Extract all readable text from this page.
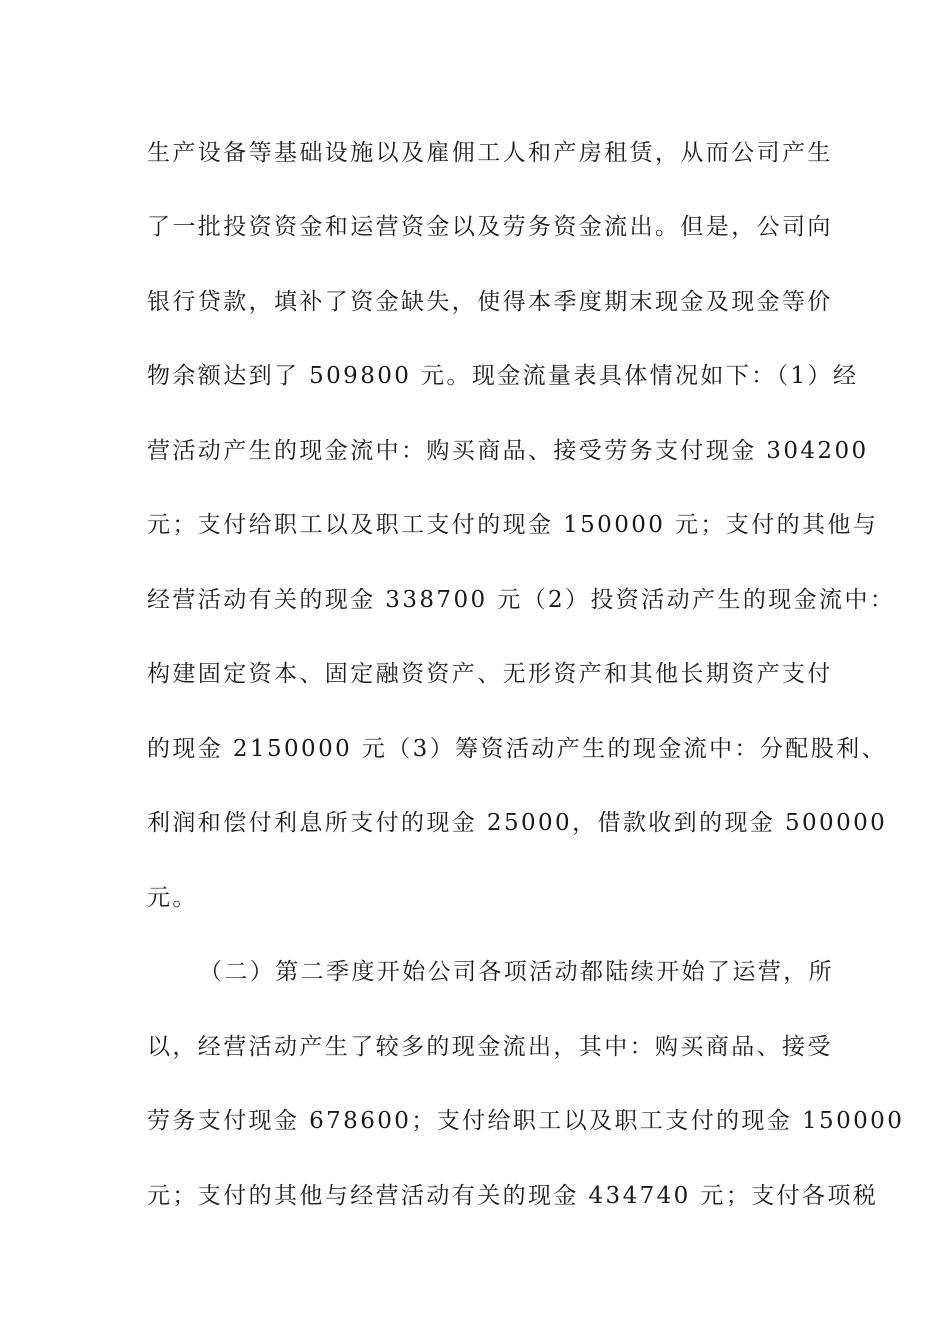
生产设备等基础设施以及雇佣工人和产房租赁，从而公司产生
了一批投资资金和运营资金以及劳务资金流出。但是，公司向
银行贷款，填补了资金缺失，使得本季度期末现金及现金等价
物余额达到了 509800 元。现金流量表具体情况如下：（1）经
营活动产生的现金流中：购买商品、接受劳务支付现金 304200
元；支付给职工以及职工支付的现金 150000 元；支付的其他与
经营活动有关的现金 338700 元（2）投资活动产生的现金流中：
构建固定资本、固定融资资产、无形资产和其他长期资产支付
的现金 2150000 元（3）筹资活动产生的现金流中：分配股利、
利润和偿付利息所支付的现金 25000，借款收到的现金 500000
元。
（二）第二季度开始公司各项活动都陆续开始了运营，所
以，经营活动产生了较多的现金流出，其中：购买商品、接受
劳务支付现金 678600；支付给职工以及职工支付的现金 150000
元；支付的其他与经营活动有关的现金 434740 元；支付各项税
